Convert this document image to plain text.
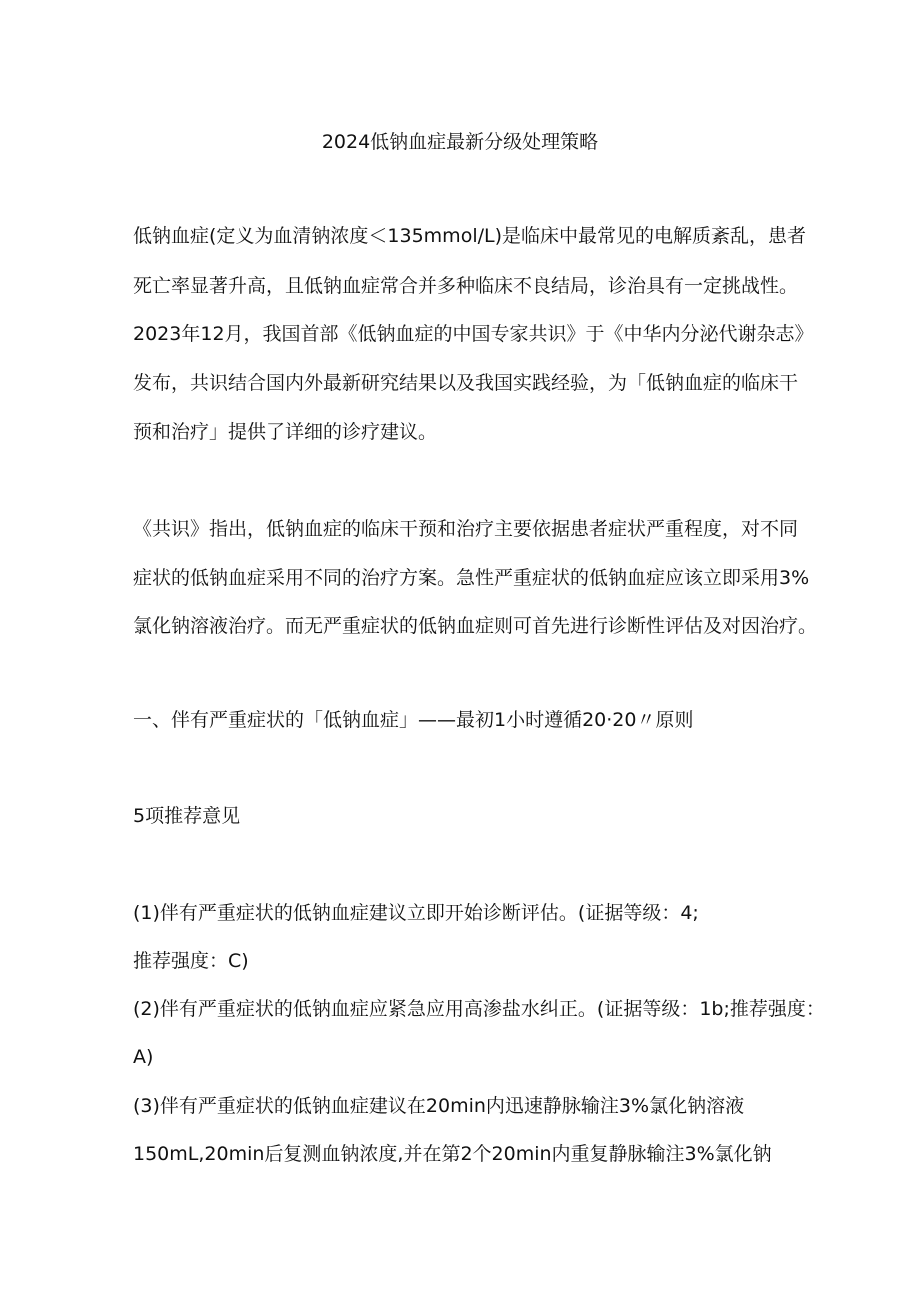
2024低钠血症最新分级处理策略
低钠血症(定义为血清钠浓度＜135mmol/L)是临床中最常见的电解质紊乱，患者
死亡率显著升高，且低钠血症常合并多种临床不良结局，诊治具有一定挑战性。
2023年12月，我国首部《低钠血症的中国专家共识》于《中华内分泌代谢杂志》
发布，共识结合国内外最新研究结果以及我国实践经验，为「低钠血症的临床干
预和治疗」提供了详细的诊疗建议。
《共识》指出，低钠血症的临床干预和治疗主要依据患者症状严重程度，对不同
症状的低钠血症采用不同的治疗方案。急性严重症状的低钠血症应该立即采用3%
氯化钠溶液治疗。而无严重症状的低钠血症则可首先进行诊断性评估及对因治疗。
一、伴有严重症状的「低钠血症」——最初1小时遵循20·20〃原则
5项推荐意见
(1)伴有严重症状的低钠血症建议立即开始诊断评估。(证据等级：4;
推荐强度：C)
(2)伴有严重症状的低钠血症应紧急应用高渗盐水纠正。(证据等级：1b;推荐强度：
A)
(3)伴有严重症状的低钠血症建议在20min内迅速静脉输注3%氯化钠溶液
150mL,20min后复测血钠浓度,并在第2个20min内重复静脉输注3%氯化钠
